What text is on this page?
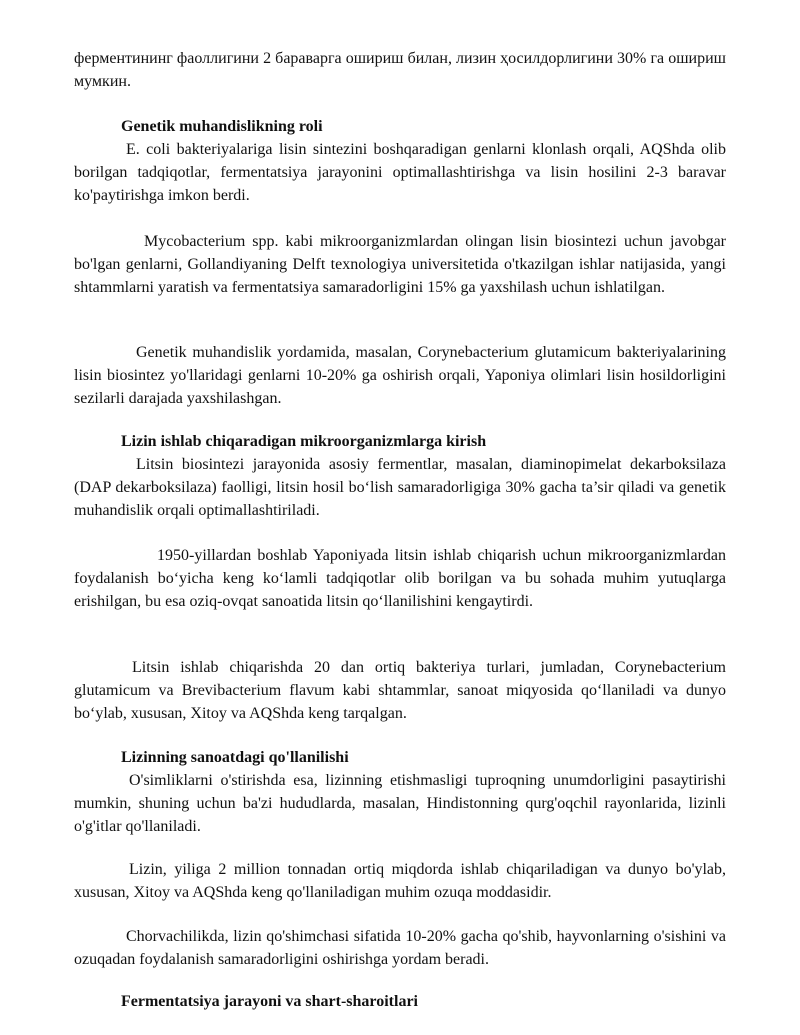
ферментининг фаоллигини 2 бараварга ошириш билан, лизин ҳосилдорлигини 30% га ошириш мумкин.

Genetik muhandislikning roli

E. coli bakteriyalariga lisin sintezini boshqaradigan genlarni klonlash orqali, AQShda olib borilgan tadqiqotlar, fermentatsiya jarayonini optimallashtirishga va lisin hosilini 2-3 baravar ko'paytirishga imkon berdi.

Mycobacterium spp. kabi mikroorganizmlardan olingan lisin biosintezi uchun javobgar bo'lgan genlarni, Gollandiyaning Delft texnologiya universitetida o'tkazilgan ishlar natijasida, yangi shtammlarni yaratish va fermentatsiya samaradorligini 15% ga yaxshilash uchun ishlatilgan.

Genetik muhandislik yordamida, masalan, Corynebacterium glutamicum bakteriyalarining lisin biosintez yo'llaridagi genlarni 10-20% ga oshirish orqali, Yaponiya olimlari lisin hosildorligini sezilarli darajada yaxshilashgan.

Lizin ishlab chiqaradigan mikroorganizmlarga kirish

Litsin biosintezi jarayonida asosiy fermentlar, masalan, diaminopimelat dekarboksilaza (DAP dekarboksilaza) faolligi, litsin hosil bo‘lish samaradorligiga 30% gacha ta’sir qiladi va genetik muhandislik orqali optimallashtiriladi.

1950-yillardan boshlab Yaponiyada litsin ishlab chiqarish uchun mikroorganizmlardan foydalanish bo‘yicha keng ko‘lamli tadqiqotlar olib borilgan va bu sohada muhim yutuqlarga erishilgan, bu esa oziq-ovqat sanoatida litsin qo‘llanilishini kengaytirdi.

Litsin ishlab chiqarishda 20 dan ortiq bakteriya turlari, jumladan, Corynebacterium glutamicum va Brevibacterium flavum kabi shtammlar, sanoat miqyosida qo‘llaniladi va dunyo bo‘ylab, xususan, Xitoy va AQShda keng tarqalgan.

Lizinning sanoatdagi qo'llanilishi

O'simliklarni o'stirishda esa, lizinning etishmasligi tuproqning unumdorligini pasaytirishi mumkin, shuning uchun ba'zi hududlarda, masalan, Hindistonning qurg'oqchil rayonlarida, lizinli o'g'itlar qo'llaniladi.

Lizin, yiliga 2 million tonnadan ortiq miqdorda ishlab chiqariladigan va dunyo bo'ylab, xususan, Xitoy va AQShda keng qo'llaniladigan muhim ozuqa moddasidir.

Chorvachilikda, lizin qo'shimchasi sifatida 10-20% gacha qo'shib, hayvonlarning o'sishini va ozuqadan foydalanish samaradorligini oshirishga yordam beradi.

Fermentatsiya jarayoni va shart-sharoitlari
